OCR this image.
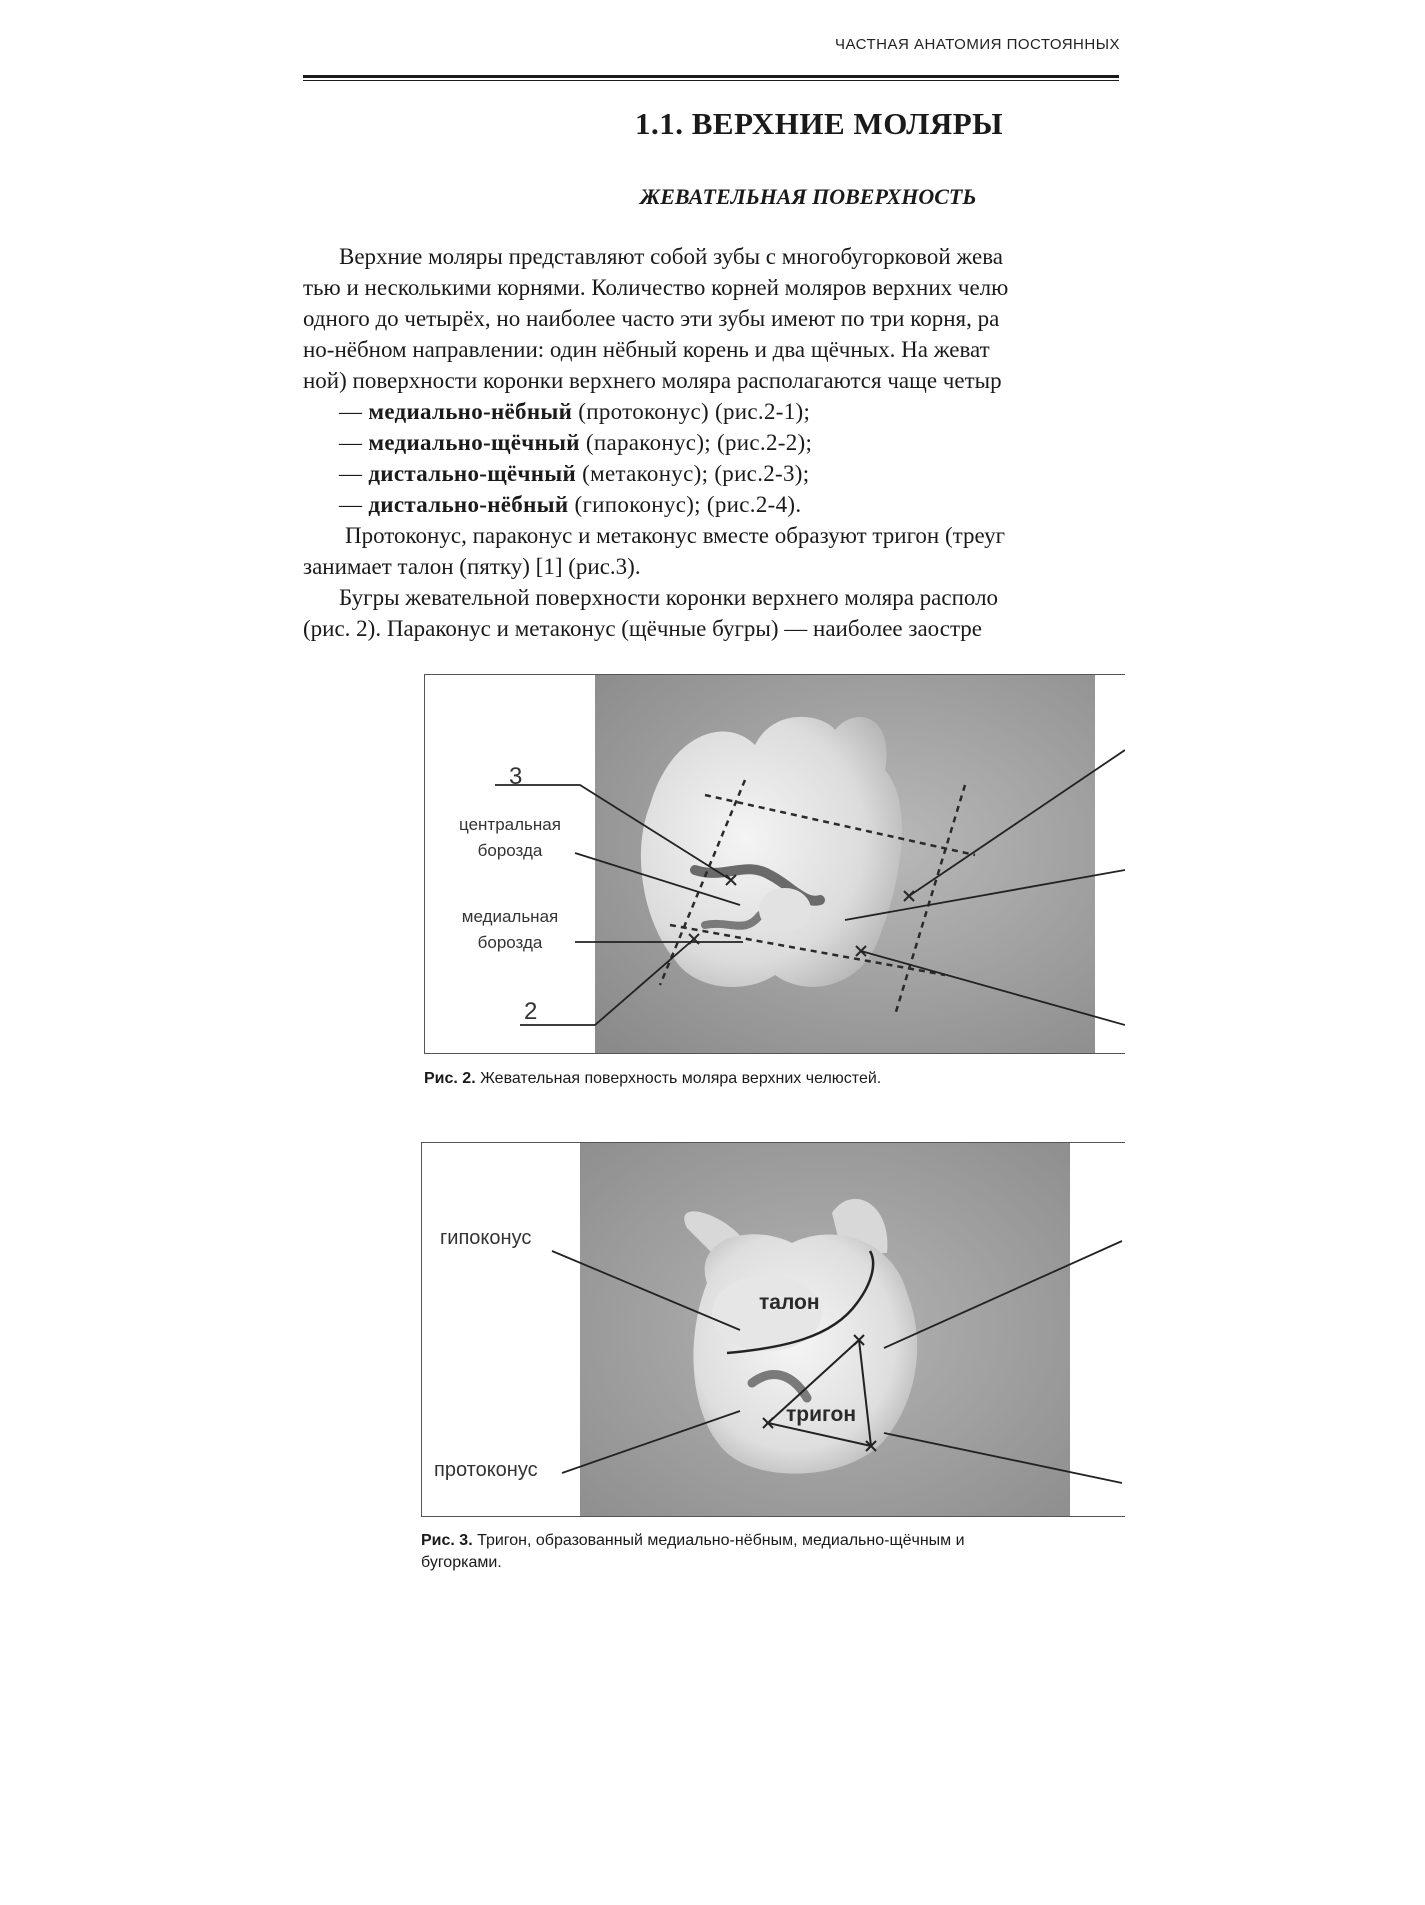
ЧАСТНАЯ АНАТОМИЯ ПОСТОЯННЫХ
1.1. ВЕРХНИЕ МОЛЯРЫ
ЖЕВАТЕЛЬНАЯ ПОВЕРХНОСТЬ
Верхние моляры представляют собой зубы с многобугорковой жева
тью и несколькими корнями. Количество корней моляров верхних челю
одного до четырёх, но наиболее часто эти зубы имеют по три корня, ра
но-нёбном направлении: один нёбный корень и два щёчных. На жеват
ной) поверхности коронки верхнего моляра располагаются чаще четыр
— медиально-нёбный (протоконус) (рис.2-1);
— медиально-щёчный (параконус); (рис.2-2);
— дистально-щёчный (метаконус); (рис.2-3);
— дистально-нёбный (гипоконус); (рис.2-4).
Протоконус, параконус и метаконус вместе образуют тригон (треуг
занимает талон (пятку) [1] (рис.3).
Бугры жевательной поверхности коронки верхнего моляра располо
(рис. 2). Параконус и метаконус (щёчные бугры) — наиболее заостре
3
центральная
борозда
медиальная
борозда
2
Рис. 2. Жевательная поверхность моляра верхних челюстей.
гипоконус
протоконус
талон
тригон
Рис. 3. Тригон, образованный медиально-нёбным, медиально-щёчным и
бугорками.
